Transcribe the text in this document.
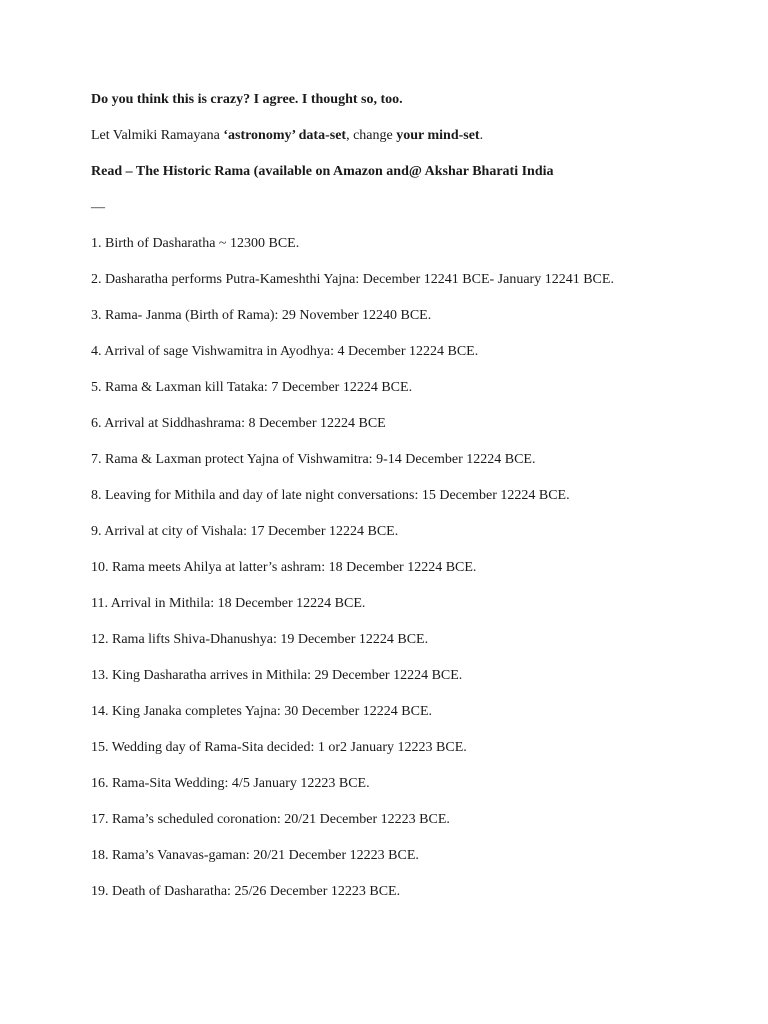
Do you think this is crazy? I agree. I thought so, too.
Let Valmiki Ramayana ‘astronomy’ data-set, change your mind-set.
Read – The Historic Rama (available on Amazon and@ Akshar Bharati India
—
1. Birth of Dasharatha ~ 12300 BCE.
2. Dasharatha performs Putra-Kameshthi Yajna: December 12241 BCE- January 12241 BCE.
3. Rama- Janma (Birth of Rama): 29 November 12240 BCE.
4. Arrival of sage Vishwamitra in Ayodhya: 4 December 12224 BCE.
5. Rama & Laxman kill Tataka: 7 December 12224 BCE.
6. Arrival at Siddhashrama: 8 December 12224 BCE
7. Rama & Laxman protect Yajna of Vishwamitra: 9-14 December 12224 BCE.
8. Leaving for Mithila and day of late night conversations: 15 December 12224 BCE.
9. Arrival at city of Vishala: 17 December 12224 BCE.
10. Rama meets Ahilya at latter’s ashram: 18 December 12224 BCE.
11. Arrival in Mithila: 18 December 12224 BCE.
12. Rama lifts Shiva-Dhanushya: 19 December 12224 BCE.
13. King Dasharatha arrives in Mithila: 29 December 12224 BCE.
14. King Janaka completes Yajna: 30 December 12224 BCE.
15. Wedding day of Rama-Sita decided: 1 or2 January 12223 BCE.
16. Rama-Sita Wedding: 4/5 January 12223 BCE.
17. Rama’s scheduled coronation: 20/21 December 12223 BCE.
18. Rama’s Vanavas-gaman: 20/21 December 12223 BCE.
19. Death of Dasharatha: 25/26 December 12223 BCE.
